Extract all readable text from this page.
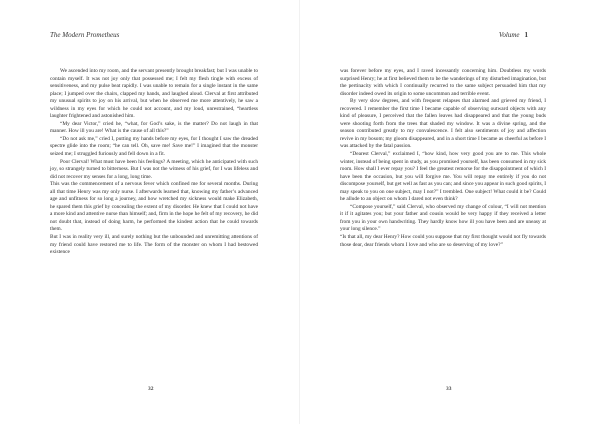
The Modern Prometheus

We ascended into my room, and the servant presently brought breakfast; but I was unable to contain myself. It was not joy only that possessed me; I felt my flesh tingle with excess of sensitiveness, and my pulse beat rapidly. I was unable to remain for a single instant in the same place; I jumped over the chairs, clapped my hands, and laughed aloud. Clerval at first attributed my unusual spirits to joy on his arrival, but when he observed me more attentively, he saw a wildness in my eyes for which he could not account, and my loud, unrestrained, “heartless laughter frightened and astonished him.

“My dear Victor,” cried he, “what, for God’s sake, is the matter? Do not laugh in that manner. How ill you are! What is the cause of all this?”

“Do not ask me,” cried I, putting my hands before my eyes, for I thought I saw the dreaded spectre glide into the room; “he can tell. Oh, save me! Save me!” I imagined that the monster seized me; I struggled furiously and fell down in a fit.

Poor Clerval! What must have been his feelings? A meeting, which he anticipated with such joy, so strangely turned to bitterness. But I was not the witness of his grief, for I was lifeless and did not recover my senses for a long, long time.

This was the commencement of a nervous fever which confined me for several months. During all that time Henry was my only nurse. I afterwards learned that, knowing my father’s advanced age and unfitness for so long a journey, and how wretched my sickness would make Elizabeth, he spared them this grief by concealing the extent of my disorder. He knew that I could not have a more kind and attentive nurse than himself; and, firm in the hope he felt of my recovery, he did not doubt that, instead of doing harm, he performed the kindest action that he could towards them.

But I was in reality very ill, and surely nothing but the unbounded and unremitting attentions of my friend could have restored me to life. The form of the monster on whom I had bestowed existence

32
Volume 1

was forever before my eyes, and I raved incessantly concerning him. Doubtless my words surprised Henry; he at first believed them to be the wanderings of my disturbed imagination, but the pertinacity with which I continually recurred to the same subject persuaded him that my disorder indeed owed its origin to some uncommon and terrible event.

By very slow degrees, and with frequent relapses that alarmed and grieved my friend, I recovered. I remember the first time I became capable of observing outward objects with any kind of pleasure, I perceived that the fallen leaves had disappeared and that the young buds were shooting forth from the trees that shaded my window. It was a divine spring, and the season contributed greatly to my convalescence. I felt also sentiments of joy and affection revive in my bosom; my gloom disappeared, and in a short time I became as cheerful as before I was attacked by the fatal passion.

“Dearest Clerval,” exclaimed I, “how kind, how very good you are to me. This whole winter, instead of being spent in study, as you promised yourself, has been consumed in my sick room. How shall I ever repay you? I feel the greatest remorse for the disappointment of which I have been the occasion, but you will forgive me. You will repay me entirely if you do not discompose yourself, but get well as fast as you can; and since you appear in such good spirits, I may speak to you on one subject, may I not?” I trembled. One subject! What could it be? Could he allude to an object on whom I dared not even think?

“Compose yourself,” said Clerval, who observed my change of colour, “I will not mention it if it agitates you; but your father and cousin would be very happy if they received a letter from you in your own handwriting. They hardly know how ill you have been and are uneasy at your long silence.”

“Is that all, my dear Henry? How could you suppose that my first thought would not fly towards those dear, dear friends whom I love and who are so deserving of my love?”

33
